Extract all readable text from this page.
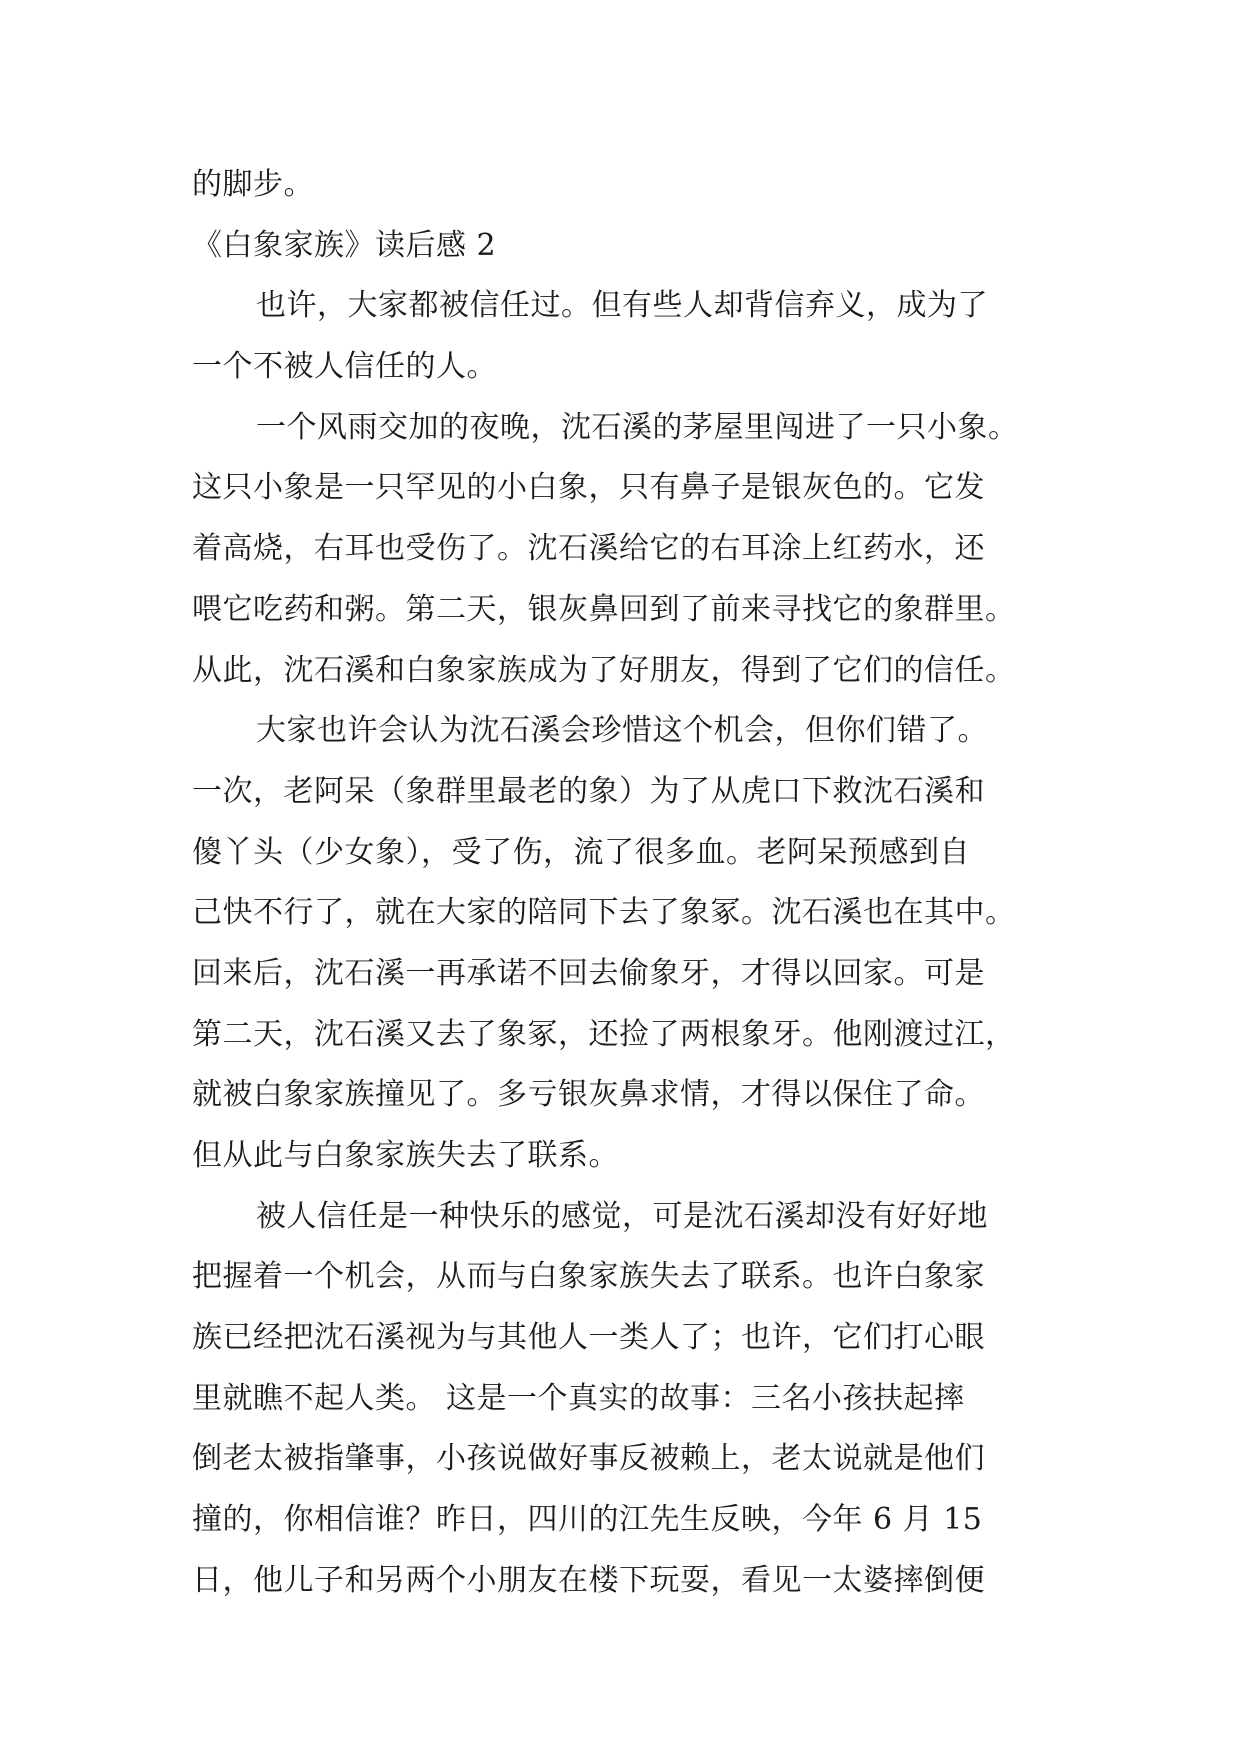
的脚步。
《白象家族》读后感 2
也许，大家都被信任过。但有些人却背信弃义，成为了
一个不被人信任的人。
一个风雨交加的夜晚，沈石溪的茅屋里闯进了一只小象。
这只小象是一只罕见的小白象，只有鼻子是银灰色的。它发
着高烧，右耳也受伤了。沈石溪给它的右耳涂上红药水，还
喂它吃药和粥。第二天，银灰鼻回到了前来寻找它的象群里。
从此，沈石溪和白象家族成为了好朋友，得到了它们的信任。
大家也许会认为沈石溪会珍惜这个机会，但你们错了。
一次，老阿呆（象群里最老的象）为了从虎口下救沈石溪和
傻丫头（少女象），受了伤，流了很多血。老阿呆预感到自
己快不行了，就在大家的陪同下去了象冢。沈石溪也在其中。
回来后，沈石溪一再承诺不回去偷象牙，才得以回家。可是
第二天，沈石溪又去了象冢，还捡了两根象牙。他刚渡过江，
就被白象家族撞见了。多亏银灰鼻求情，才得以保住了命。
但从此与白象家族失去了联系。
被人信任是一种快乐的感觉，可是沈石溪却没有好好地
把握着一个机会，从而与白象家族失去了联系。也许白象家
族已经把沈石溪视为与其他人一类人了；也许，它们打心眼
里就瞧不起人类。 这是一个真实的故事：三名小孩扶起摔
倒老太被指肇事，小孩说做好事反被赖上，老太说就是他们
撞的，你相信谁？昨日，四川的江先生反映，今年 6 月 15
日，他儿子和另两个小朋友在楼下玩耍，看见一太婆摔倒便
